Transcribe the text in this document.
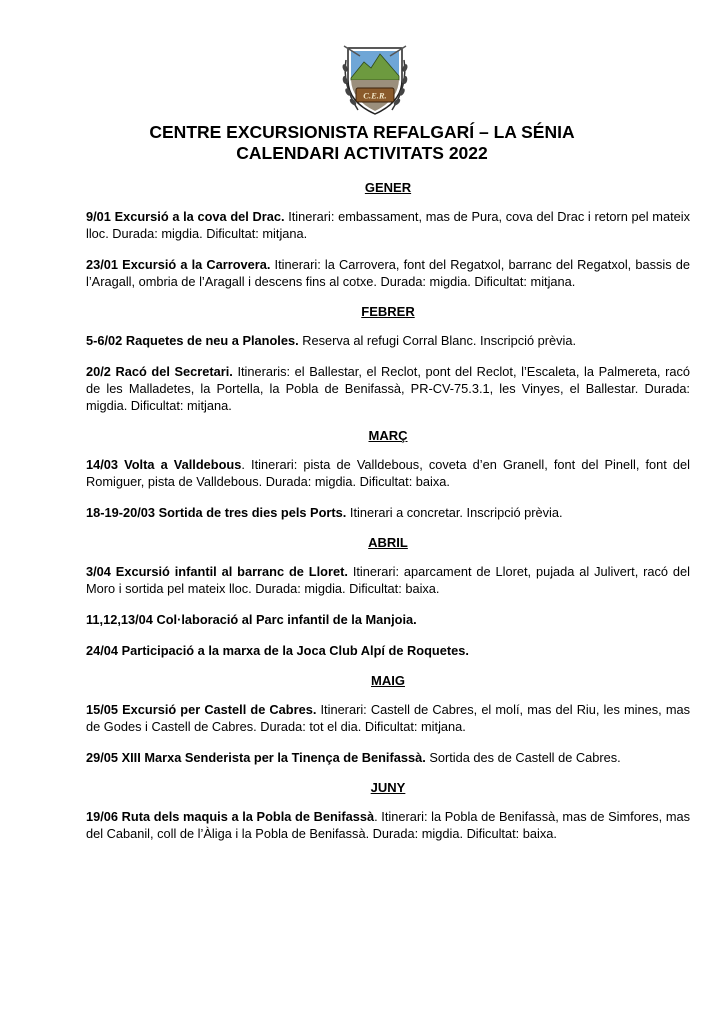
C.E.R.
CENTRE EXCURSIONISTA REFALGARÍ – LA SÉNIA
CALENDARI ACTIVITATS 2022
GENER

9/01 Excursió a la cova del Drac. Itinerari: embassament, mas de Pura, cova del Drac i retorn pel mateix lloc. Durada: migdia. Dificultat: mitjana.

23/01 Excursió a la Carrovera. Itinerari: la Carrovera, font del Regatxol, barranc del Regatxol, bassis de l’Aragall, ombria de l’Aragall i descens fins al cotxe. Durada: migdia. Dificultat: mitjana.

FEBRER

5-6/02 Raquetes de neu a Planoles. Reserva al refugi Corral Blanc. Inscripció prèvia.

20/2 Racó del Secretari. Itineraris: el Ballestar, el Reclot, pont del Reclot, l’Escaleta, la Palmereta, racó de les Malladetes, la Portella, la Pobla de Benifassà, PR-CV-75.3.1, les Vinyes, el Ballestar. Durada: migdia. Dificultat: mitjana.

MARÇ

14/03 Volta a Valldebous. Itinerari: pista de Valldebous, coveta d’en Granell, font del Pinell, font del Romiguer, pista de Valldebous. Durada: migdia. Dificultat: baixa.

18-19-20/03 Sortida de tres dies pels Ports. Itinerari a concretar. Inscripció prèvia.

ABRIL

3/04 Excursió infantil al barranc de Lloret. Itinerari: aparcament de Lloret, pujada al Julivert, racó del Moro i sortida pel mateix lloc. Durada: migdia. Dificultat: baixa.

11,12,13/04 Col·laboració al Parc infantil de la Manjoia.

24/04 Participació a la marxa de la Joca Club Alpí de Roquetes.

MAIG

15/05 Excursió per Castell de Cabres. Itinerari: Castell de Cabres, el molí, mas del Riu, les mines, mas de Godes i Castell de Cabres. Durada: tot el dia. Dificultat: mitjana.

29/05 XIII Marxa Senderista per la Tinença de Benifassà. Sortida des de Castell de Cabres.

JUNY

19/06 Ruta dels maquis a la Pobla de Benifassà. Itinerari: la Pobla de Benifassà, mas de Simfores, mas del Cabanil, coll de l’Àliga i la Pobla de Benifassà. Durada: migdia. Dificultat: baixa.
